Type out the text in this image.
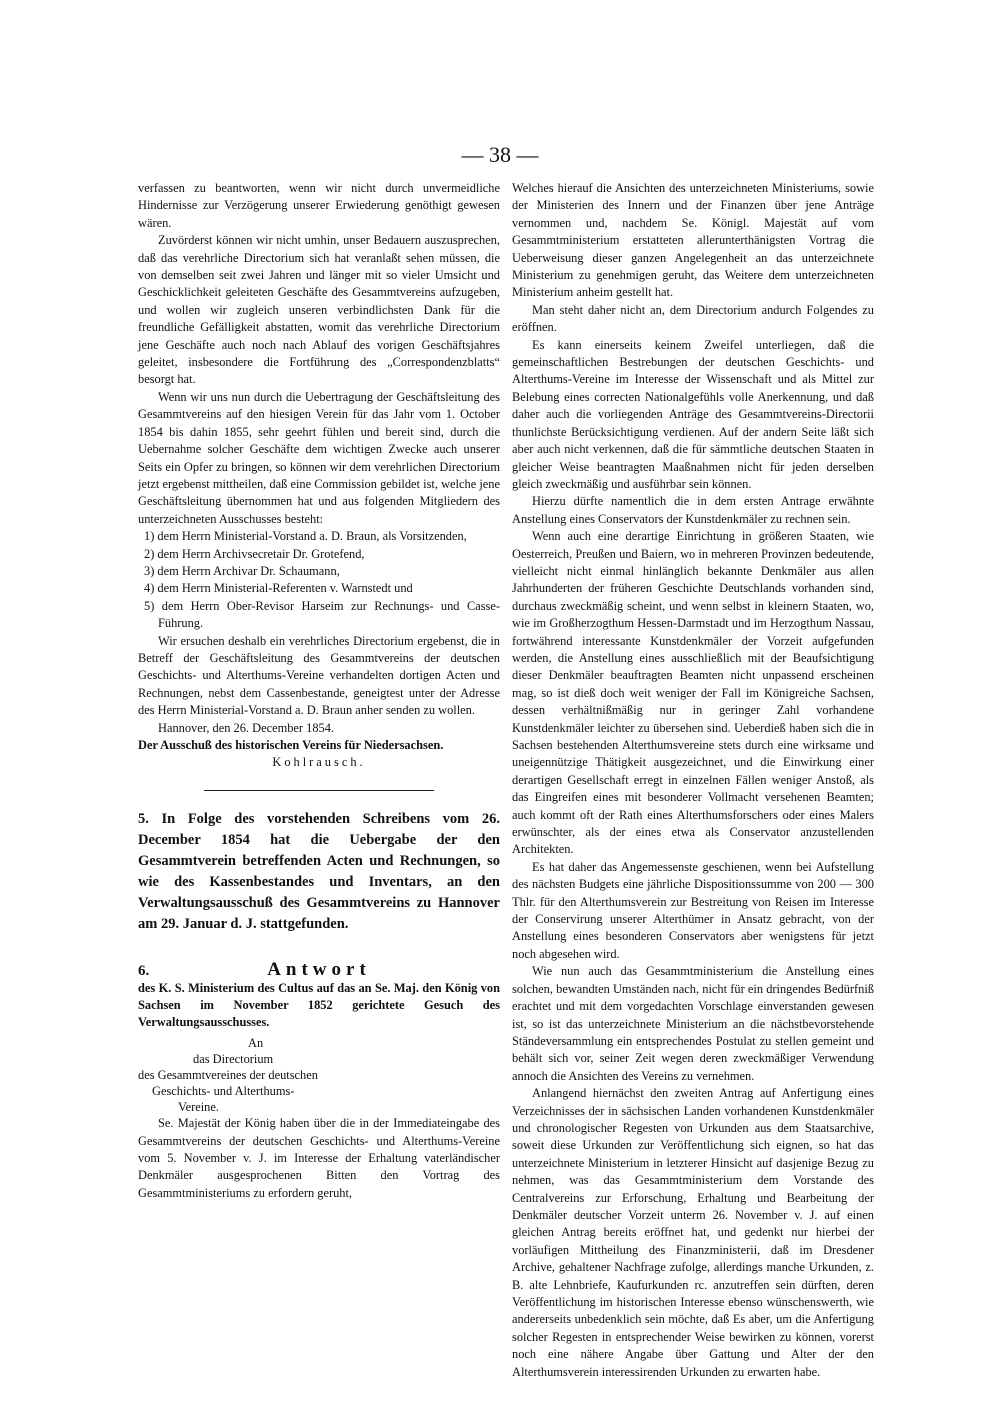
— 38 —

verfassen zu beantworten, wenn wir nicht durch unvermeidliche Hindernisse zur Verzögerung unserer Erwiederung genöthigt gewesen wären.

Zuvörderst können wir nicht umhin, unser Bedauern auszusprechen, daß das verehrliche Directorium sich hat veranlaßt sehen müssen, die von demselben seit zwei Jahren und länger mit so vieler Umsicht und Geschicklichkeit geleiteten Geschäfte des Gesammtvereins aufzugeben, und wollen wir zugleich unseren verbindlichsten Dank für die freundliche Gefälligkeit abstatten, womit das verehrliche Directorium jene Geschäfte auch noch nach Ablauf des vorigen Geschäftsjahres geleitet, insbesondere die Fortführung des „Correspondenzblatts“ besorgt hat.

Wenn wir uns nun durch die Uebertragung der Geschäftsleitung des Gesammtvereins auf den hiesigen Verein für das Jahr vom 1. October 1854 bis dahin 1855, sehr geehrt fühlen und bereit sind, durch die Uebernahme solcher Geschäfte dem wichtigen Zwecke auch unserer Seits ein Opfer zu bringen, so können wir dem verehrlichen Directorium jetzt ergebenst mittheilen, daß eine Commission gebildet ist, welche jene Geschäftsleitung übernommen hat und aus folgenden Mitgliedern des unterzeichneten Ausschusses besteht:

1) dem Herrn Ministerial-Vorstand a. D. Braun, als Vorsitzenden,
2) dem Herrn Archivsecretair Dr. Grotefend,
3) dem Herrn Archivar Dr. Schaumann,
4) dem Herrn Ministerial-Referenten v. Warnstedt und
5) dem Herrn Ober-Revisor Harseim zur Rechnungs- und Casse-Führung.

Wir ersuchen deshalb ein verehrliches Directorium ergebenst, die in Betreff der Geschäftsleitung des Gesammtvereins der deutschen Geschichts- und Alterthums-Vereine verhandelten dortigen Acten und Rechnungen, nebst dem Cassenbestande, geneigtest unter der Adresse des Herrn Ministerial-Vorstand a. D. Braun anher senden zu wollen.

Hannover, den 26. December 1854.

Der Ausschuß des historischen Vereins für Niedersachsen.

Kohlrausch.

5. In Folge des vorstehenden Schreibens vom 26. December 1854 hat die Uebergabe der den Gesammtverein betreffenden Acten und Rechnungen, so wie des Kassenbestandes und Inventars, an den Verwaltungsausschuß des Gesammtvereins zu Hannover am 29. Januar d. J. stattgefunden.

6.	Antwort

des K. S. Ministerium des Cultus auf das an Se. Maj. den König von Sachsen im November 1852 gerichtete Gesuch des Verwaltungsausschusses.

An

das Directorium

des Gesammtvereines der deutschen

Geschichts- und Alterthums-

Vereine.

Se. Majestät der König haben über die in der Immediateingabe des Gesammtvereins der deutschen Geschichts- und Alterthums-Vereine vom 5. November v. J. im Interesse der Erhaltung vaterländischer Denkmäler ausgesprochenen Bitten den Vortrag des Gesammtministeriums zu erfordern geruht,

Welches hierauf die Ansichten des unterzeichneten Ministeriums, sowie der Ministerien des Innern und der Finanzen über jene Anträge vernommen und, nachdem Se. Königl. Majestät auf vom Gesammtministerium erstatteten allerunterthänigsten Vortrag die Ueberweisung dieser ganzen Angelegenheit an das unterzeichnete Ministerium zu genehmigen geruht, das Weitere dem unterzeichneten Ministerium anheim gestellt hat.

Man steht daher nicht an, dem Directorium andurch Folgendes zu eröffnen.

Es kann einerseits keinem Zweifel unterliegen, daß die gemeinschaftlichen Bestrebungen der deutschen Geschichts- und Alterthums-Vereine im Interesse der Wissenschaft und als Mittel zur Belebung eines correcten Nationalgefühls volle Anerkennung, und daß daher auch die vorliegenden Anträge des Gesammtvereins-Directorii thunlichste Berücksichtigung verdienen. Auf der andern Seite läßt sich aber auch nicht verkennen, daß die für sämmtliche deutschen Staaten in gleicher Weise beantragten Maaßnahmen nicht für jeden derselben gleich zweckmäßig und ausführbar sein können.

Hierzu dürfte namentlich die in dem ersten Antrage erwähnte Anstellung eines Conservators der Kunstdenkmäler zu rechnen sein.

Wenn auch eine derartige Einrichtung in größeren Staaten, wie Oesterreich, Preußen und Baiern, wo in mehreren Provinzen bedeutende, vielleicht nicht einmal hinlänglich bekannte Denkmäler aus allen Jahrhunderten der früheren Geschichte Deutschlands vorhanden sind, durchaus zweckmäßig scheint, und wenn selbst in kleinern Staaten, wo, wie im Großherzogthum Hessen-Darmstadt und im Herzogthum Nassau, fortwährend interessante Kunstdenkmäler der Vorzeit aufgefunden werden, die Anstellung eines ausschließlich mit der Beaufsichtigung dieser Denkmäler beauftragten Beamten nicht unpassend erscheinen mag, so ist dieß doch weit weniger der Fall im Königreiche Sachsen, dessen verhältnißmäßig nur in geringer Zahl vorhandene Kunstdenkmäler leichter zu übersehen sind. Ueberdieß haben sich die in Sachsen bestehenden Alterthumsvereine stets durch eine wirksame und uneigennützige Thätigkeit ausgezeichnet, und die Einwirkung einer derartigen Gesellschaft erregt in einzelnen Fällen weniger Anstoß, als das Eingreifen eines mit besonderer Vollmacht versehenen Beamten; auch kommt oft der Rath eines Alterthumsforschers oder eines Malers erwünschter, als der eines etwa als Conservator anzustellenden Architekten.

Es hat daher das Angemessenste geschienen, wenn bei Aufstellung des nächsten Budgets eine jährliche Dispositionssumme von 200 — 300 Thlr. für den Alterthumsverein zur Bestreitung von Reisen im Interesse der Conservirung unserer Alterthümer in Ansatz gebracht, von der Anstellung eines besonderen Conservators aber wenigstens für jetzt noch abgesehen wird.

Wie nun auch das Gesammtministerium die Anstellung eines solchen, bewandten Umständen nach, nicht für ein dringendes Bedürfniß erachtet und mit dem vorgedachten Vorschlage einverstanden gewesen ist, so ist das unterzeichnete Ministerium an die nächstbevorstehende Ständeversammlung ein entsprechendes Postulat zu stellen gemeint und behält sich vor, seiner Zeit wegen deren zweckmäßiger Verwendung annoch die Ansichten des Vereins zu vernehmen.

Anlangend hiernächst den zweiten Antrag auf Anfertigung eines Verzeichnisses der in sächsischen Landen vorhandenen Kunstdenkmäler und chronologischer Regesten von Urkunden aus dem Staatsarchive, soweit diese Urkunden zur Veröffentlichung sich eignen, so hat das unterzeichnete Ministerium in letzterer Hinsicht auf dasjenige Bezug zu nehmen, was das Gesammtministerium dem Vorstande des Centralvereins zur Erforschung, Erhaltung und Bearbeitung der Denkmäler deutscher Vorzeit unterm 26. November v. J. auf einen gleichen Antrag bereits eröffnet hat, und gedenkt nur hierbei der vorläufigen Mittheilung des Finanzministerii, daß im Dresdener Archive, gehaltener Nachfrage zufolge, allerdings manche Urkunden, z. B. alte Lehnbriefe, Kaufurkunden rc. anzutreffen sein dürften, deren Veröffentlichung im historischen Interesse ebenso wünschenswerth, wie andererseits unbedenklich sein möchte, daß Es aber, um die Anfertigung solcher Regesten in entsprechender Weise bewirken zu können, vorerst noch eine nähere Angabe über Gattung und Alter der den Alterthumsverein interessirenden Urkunden zu erwarten habe.
